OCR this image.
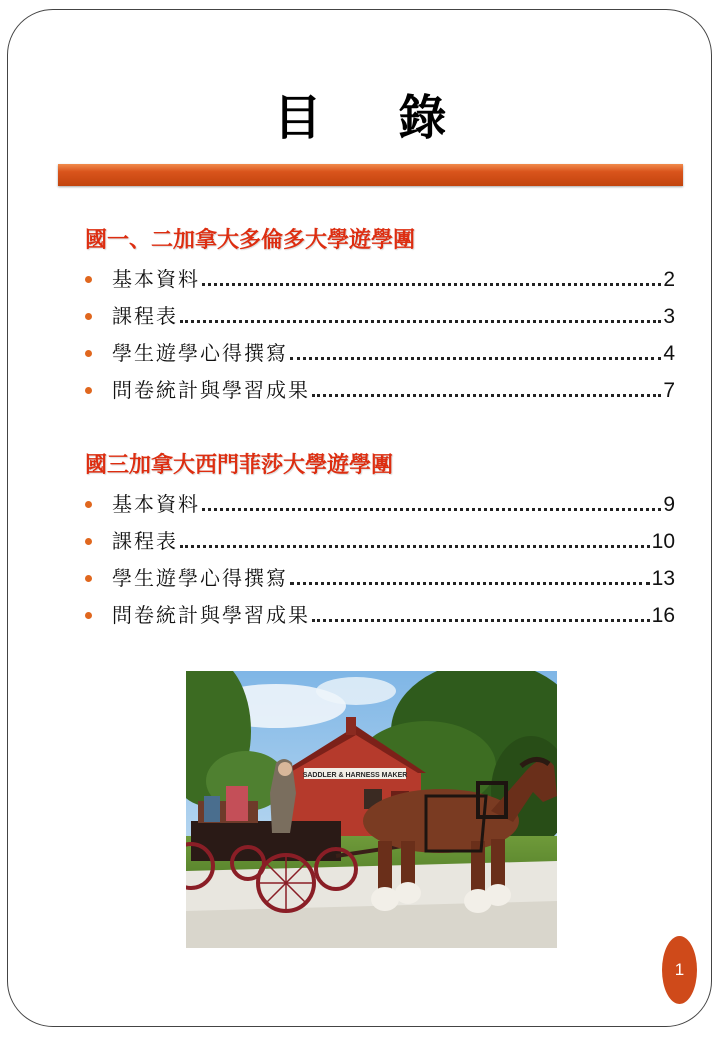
目 錄
國一、二加拿大多倫多大學遊學團
基本資料	2
課程表	3
學生遊學心得撰寫	4
問卷統計與學習成果	7
國三加拿大西門菲莎大學遊學團
基本資料	9
課程表	10
學生遊學心得撰寫	13
問卷統計與學習成果	16
SADDLER & HARNESS MAKER
1
